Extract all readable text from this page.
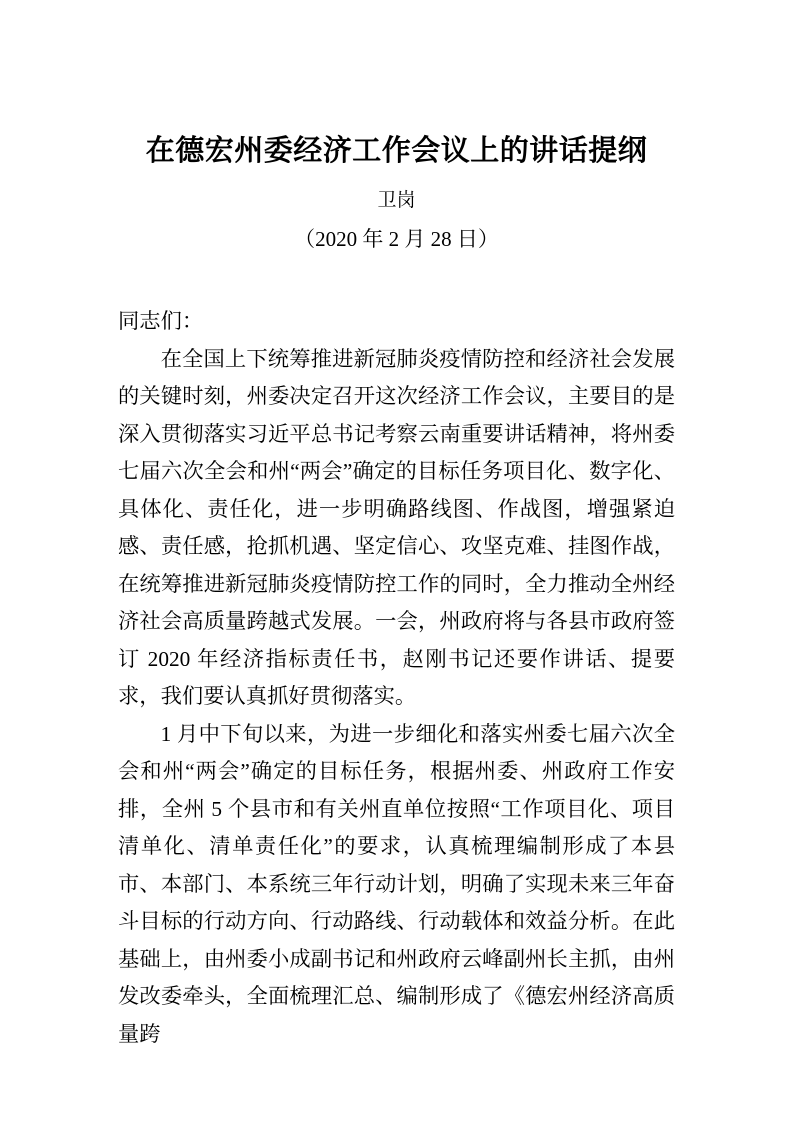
在德宏州委经济工作会议上的讲话提纲

卫岗

（2020 年 2 月 28 日）

同志们：

在全国上下统筹推进新冠肺炎疫情防控和经济社会发展的关键时刻，州委决定召开这次经济工作会议，主要目的是深入贯彻落实习近平总书记考察云南重要讲话精神，将州委七届六次全会和州“两会”确定的目标任务项目化、数字化、具体化、责任化，进一步明确路线图、作战图，增强紧迫感、责任感，抢抓机遇、坚定信心、攻坚克难、挂图作战，在统筹推进新冠肺炎疫情防控工作的同时，全力推动全州经济社会高质量跨越式发展。一会，州政府将与各县市政府签订 2020 年经济指标责任书，赵刚书记还要作讲话、提要求，我们要认真抓好贯彻落实。

1 月中下旬以来，为进一步细化和落实州委七届六次全会和州“两会”确定的目标任务，根据州委、州政府工作安排，全州 5 个县市和有关州直单位按照“工作项目化、项目清单化、清单责任化”的要求，认真梳理编制形成了本县市、本部门、本系统三年行动计划，明确了实现未来三年奋斗目标的行动方向、行动路线、行动载体和效益分析。在此基础上，由州委小成副书记和州政府云峰副州长主抓，由州发改委牵头，全面梳理汇总、编制形成了《德宏州经济高质量跨
